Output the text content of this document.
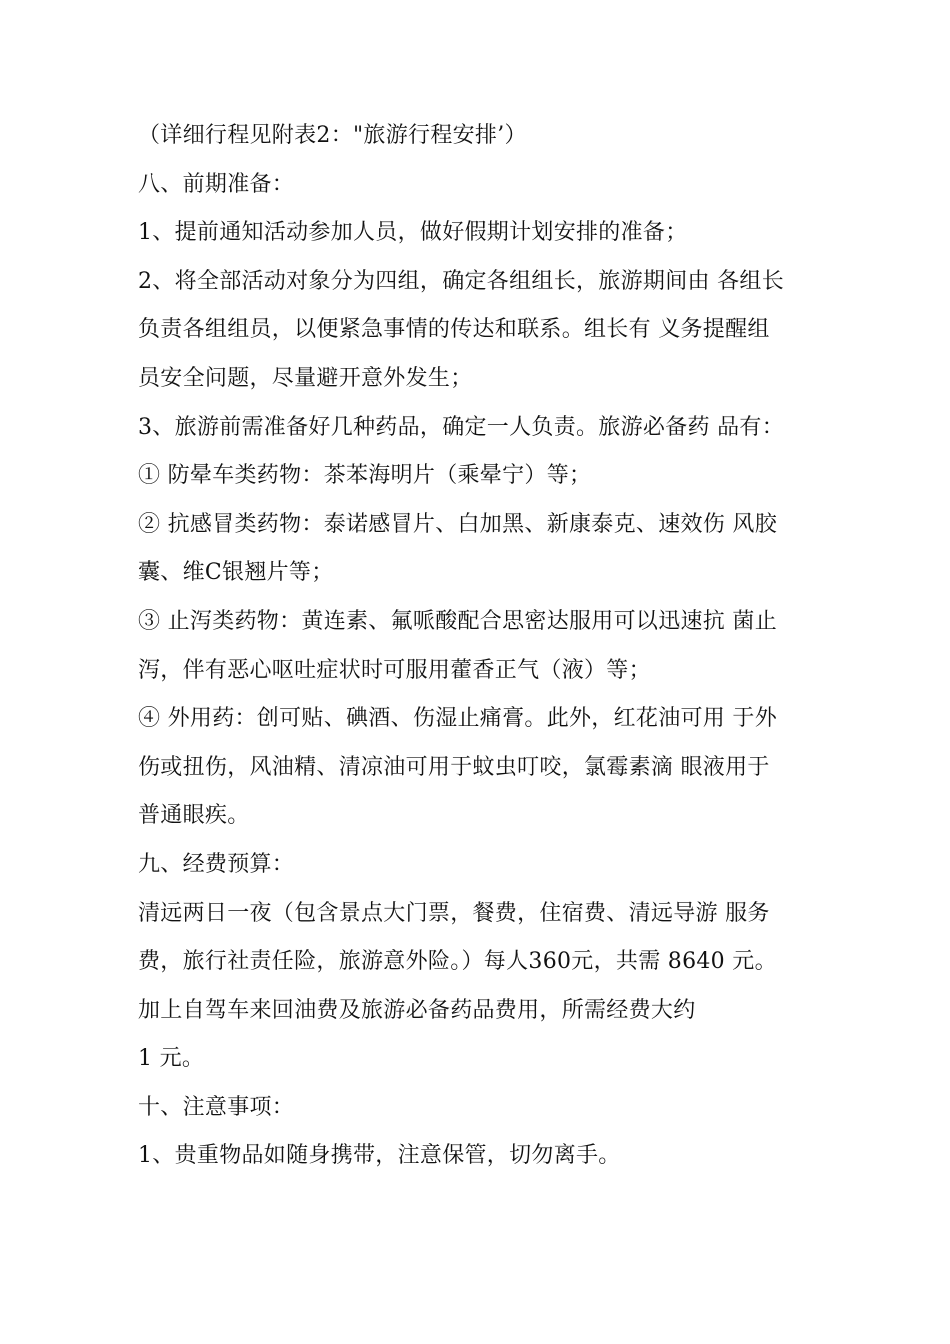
（详细行程见附表2："旅游行程安排’）
八、前期准备：
1、提前通知活动参加人员，做好假期计划安排的准备；
2、将全部活动对象分为四组，确定各组组长，旅游期间由 各组长
负责各组组员，以便紧急事情的传达和联系。组长有 义务提醒组
员安全问题，尽量避开意外发生；
3、旅游前需准备好几种药品，确定一人负责。旅游必备药 品有：
① 防晕车类药物：茶苯海明片（乘晕宁）等；
② 抗感冒类药物：泰诺感冒片、白加黑、新康泰克、速效伤 风胶
囊、维C银翘片等；
③ 止泻类药物：黄连素、氟哌酸配合思密达服用可以迅速抗 菌止
泻，伴有恶心呕吐症状时可服用藿香正气（液）等；
④ 外用药：创可贴、碘酒、伤湿止痛膏。此外，红花油可用 于外
伤或扭伤，风油精、清凉油可用于蚊虫叮咬，氯霉素滴 眼液用于
普通眼疾。
九、经费预算：
清远两日一夜（包含景点大门票，餐费，住宿费、清远导游 服务
费，旅行社责任险，旅游意外险。）每人360元，共需 8640 元。
加上自驾车来回油费及旅游必备药品费用，所需经费大约
1 元。
十、注意事项：
1、贵重物品如随身携带，注意保管，切勿离手。
